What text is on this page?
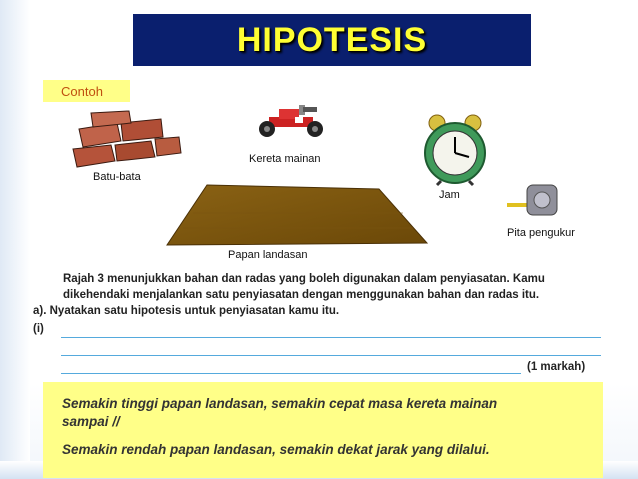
HIPOTESIS
Contoh
Batu-bata
Kereta mainan
Jam
Papan landasan
Pita pengukur
Rajah 3 menunjukkan bahan dan radas yang boleh digunakan dalam penyiasatan. Kamu
dikehendaki menjalankan satu penyiasatan dengan menggunakan bahan dan radas itu.
a). Nyatakan satu hipotesis untuk penyiasatan kamu itu.
(i)
(1 markah)
Semakin tinggi papan landasan, semakin cepat masa kereta mainan
sampai //
Semakin rendah papan landasan, semakin dekat jarak yang dilalui.
